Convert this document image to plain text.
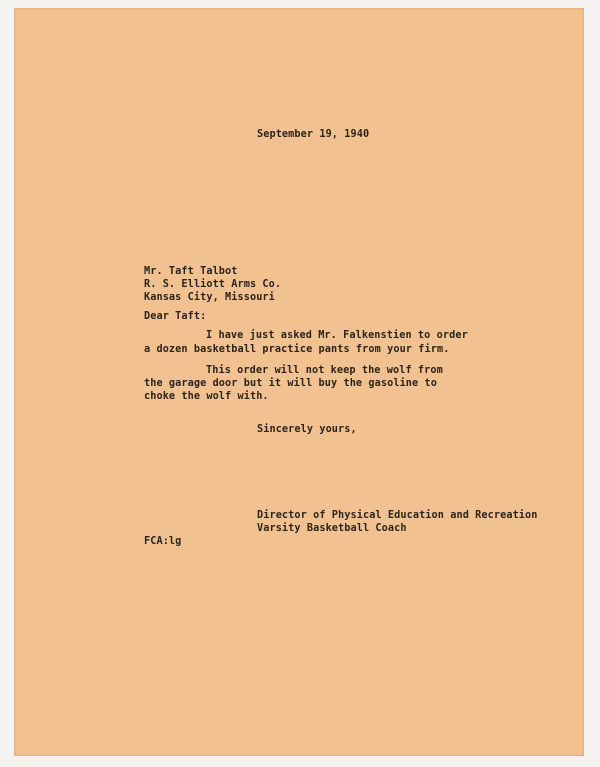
September 19, 1940
Mr. Taft Talbot
R. S. Elliott Arms Co.
Kansas City, Missouri
Dear Taft:
I have just asked Mr. Falkenstien to order
a dozen basketball practice pants from your firm.
This order will not keep the wolf from
the garage door but it will buy the gasoline to
choke the wolf with.
Sincerely yours,
Director of Physical Education and Recreation
Varsity Basketball Coach
FCA:lg
